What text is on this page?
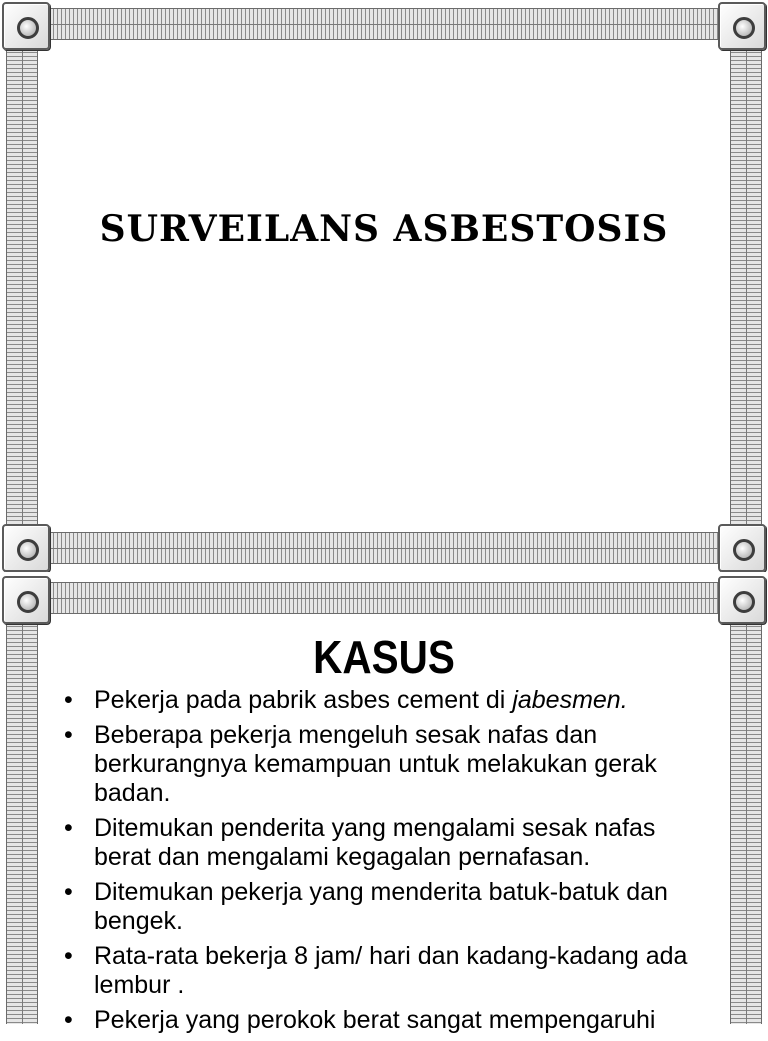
SURVEILANS ASBESTOSIS
KASUS
• Pekerja pada pabrik asbes cement di jabesmen.
• Beberapa pekerja mengeluh sesak nafas dan berkurangnya kemampuan untuk melakukan gerak badan.
• Ditemukan penderita yang mengalami sesak nafas berat dan mengalami kegagalan pernafasan.
• Ditemukan pekerja yang menderita batuk-batuk dan bengek.
• Rata-rata bekerja 8 jam/ hari dan kadang-kadang ada lembur .
• Pekerja yang perokok berat sangat mempengaruhi
